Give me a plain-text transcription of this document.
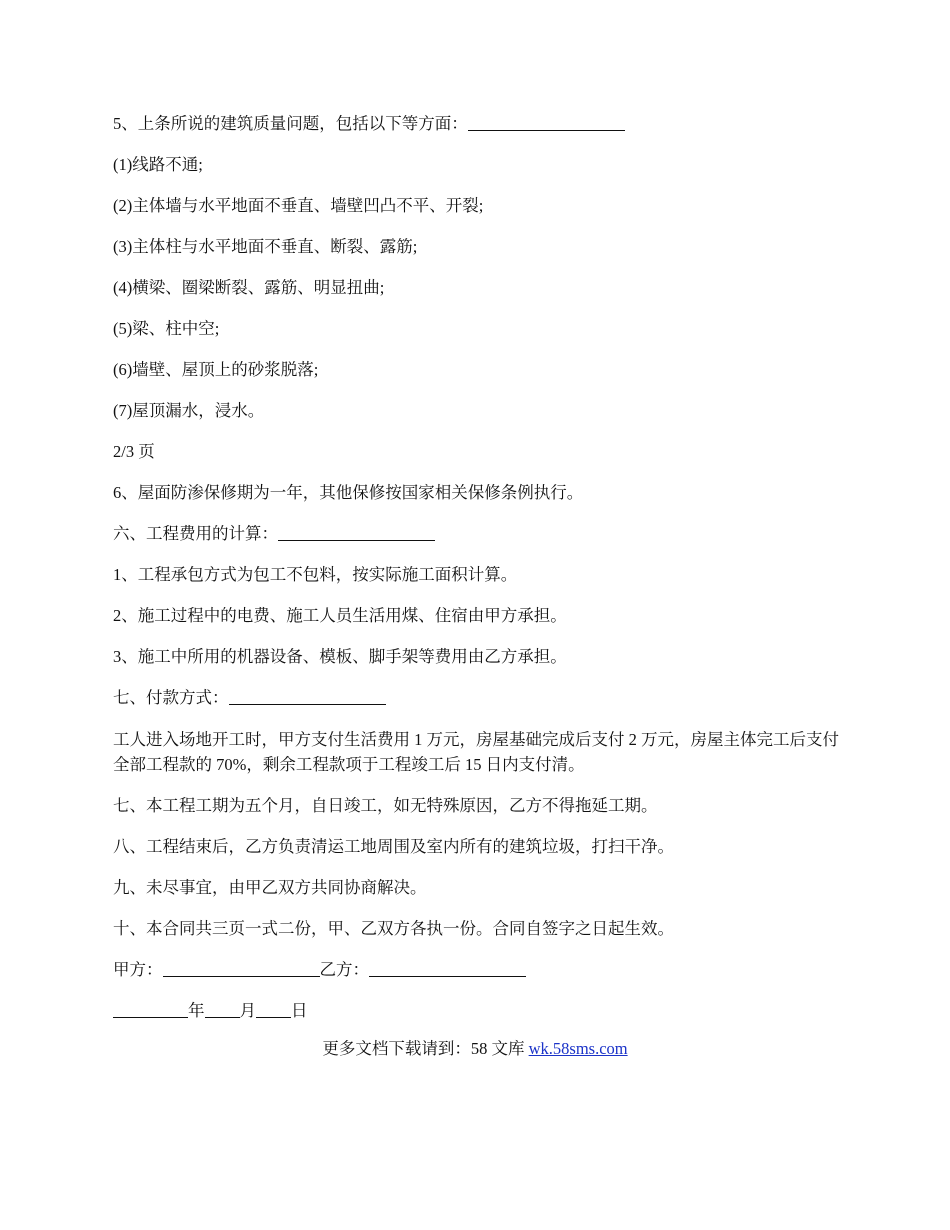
5、上条所说的建筑质量问题，包括以下等方面：

(1)线路不通;

(2)主体墙与水平地面不垂直、墙壁凹凸不平、开裂;

(3)主体柱与水平地面不垂直、断裂、露筋;

(4)横梁、圈梁断裂、露筋、明显扭曲;

(5)梁、柱中空;

(6)墙壁、屋顶上的砂浆脱落;

(7)屋顶漏水，浸水。

2/3 页

6、屋面防渗保修期为一年，其他保修按国家相关保修条例执行。

六、工程费用的计算：

1、工程承包方式为包工不包料，按实际施工面积计算。

2、施工过程中的电费、施工人员生活用煤、住宿由甲方承担。

3、施工中所用的机器设备、模板、脚手架等费用由乙方承担。

七、付款方式：

工人进入场地开工时，甲方支付生活费用 1 万元，房屋基础完成后支付 2 万元，房屋主体完工后支付全部工程款的 70%，剩余工程款项于工程竣工后 15 日内支付清。

七、本工程工期为五个月，自日竣工，如无特殊原因，乙方不得拖延工期。

八、工程结束后，乙方负责清运工地周围及室内所有的建筑垃圾，打扫干净。

九、未尽事宜，由甲乙双方共同协商解决。

十、本合同共三页一式二份，甲、乙双方各执一份。合同自签字之日起生效。

甲方：	乙方：

年 月 日

更多文档下载请到：58 文库 wk.58sms.com
